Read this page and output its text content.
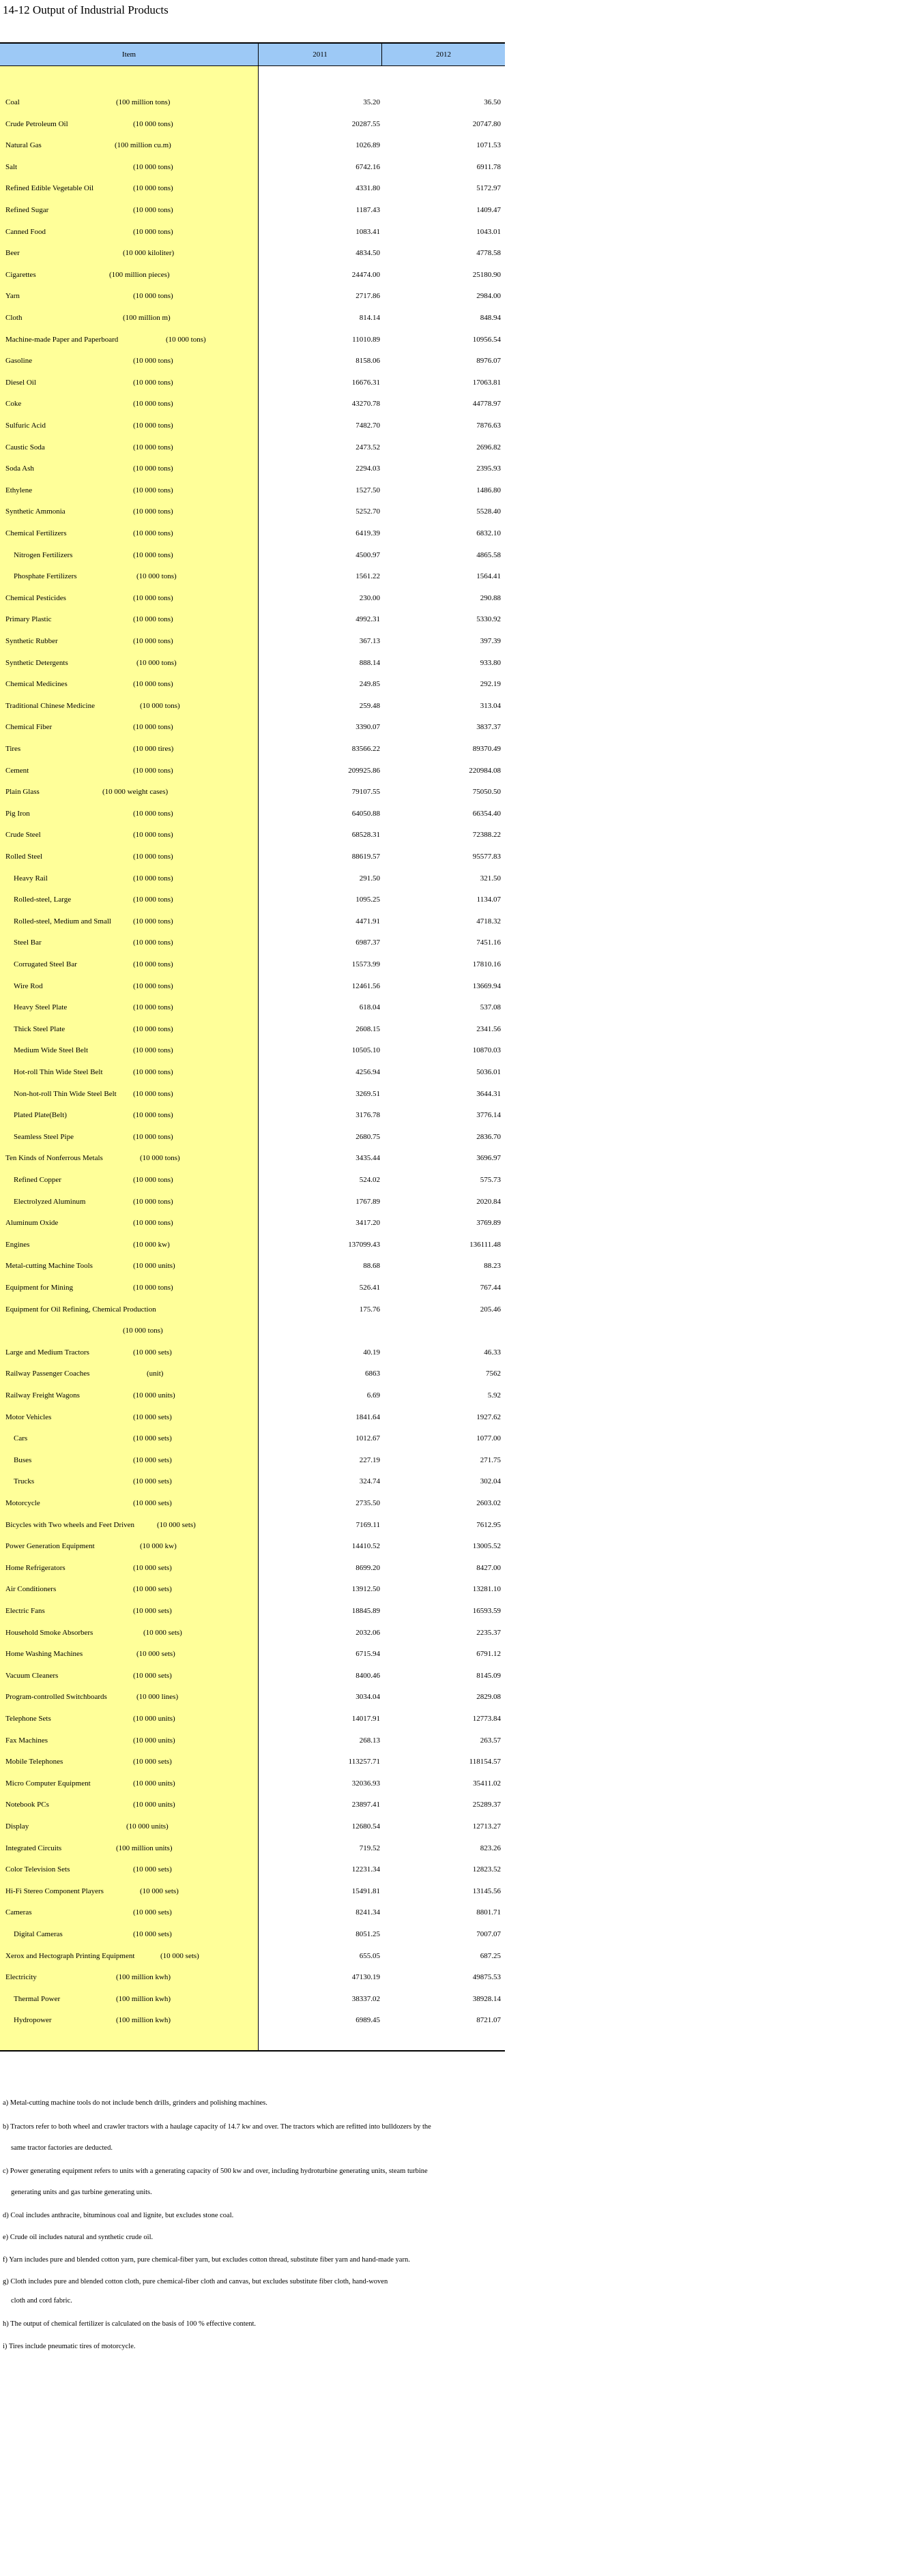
14-12 Output of Industrial Products
Item	2011	2012
Coal	(100 million tons)	35.20	36.50
Crude Petroleum Oil	(10 000 tons)	20287.55	20747.80
Natural Gas	(100 million cu.m)	1026.89	1071.53
Salt	(10 000 tons)	6742.16	6911.78
Refined Edible Vegetable Oil	(10 000 tons)	4331.80	5172.97
Refined Sugar	(10 000 tons)	1187.43	1409.47
Canned Food	(10 000 tons)	1083.41	1043.01
Beer	(10 000 kiloliter)	4834.50	4778.58
Cigarettes	(100 million pieces)	24474.00	25180.90
Yarn	(10 000 tons)	2717.86	2984.00
Cloth	(100 million m)	814.14	848.94
Machine-made Paper and Paperboard	(10 000 tons)	11010.89	10956.54
Gasoline	(10 000 tons)	8158.06	8976.07
Diesel Oil	(10 000 tons)	16676.31	17063.81
Coke	(10 000 tons)	43270.78	44778.97
Sulfuric Acid	(10 000 tons)	7482.70	7876.63
Caustic Soda	(10 000 tons)	2473.52	2696.82
Soda Ash	(10 000 tons)	2294.03	2395.93
Ethylene	(10 000 tons)	1527.50	1486.80
Synthetic Ammonia	(10 000 tons)	5252.70	5528.40
Chemical Fertilizers	(10 000 tons)	6419.39	6832.10
Nitrogen Fertilizers	(10 000 tons)	4500.97	4865.58
Phosphate Fertilizers	(10 000 tons)	1561.22	1564.41
Chemical Pesticides	(10 000 tons)	230.00	290.88
Primary Plastic	(10 000 tons)	4992.31	5330.92
Synthetic Rubber	(10 000 tons)	367.13	397.39
Synthetic Detergents	(10 000 tons)	888.14	933.80
Chemical Medicines	(10 000 tons)	249.85	292.19
Traditional Chinese Medicine	(10 000 tons)	259.48	313.04
Chemical Fiber	(10 000 tons)	3390.07	3837.37
Tires	(10 000 tires)	83566.22	89370.49
Cement	(10 000 tons)	209925.86	220984.08
Plain Glass	(10 000 weight cases)	79107.55	75050.50
Pig Iron	(10 000 tons)	64050.88	66354.40
Crude Steel	(10 000 tons)	68528.31	72388.22
Rolled Steel	(10 000 tons)	88619.57	95577.83
Heavy Rail	(10 000 tons)	291.50	321.50
Rolled-steel, Large	(10 000 tons)	1095.25	1134.07
Rolled-steel, Medium and Small	(10 000 tons)	4471.91	4718.32
Steel Bar	(10 000 tons)	6987.37	7451.16
Corrugated Steel Bar	(10 000 tons)	15573.99	17810.16
Wire Rod	(10 000 tons)	12461.56	13669.94
Heavy Steel Plate	(10 000 tons)	618.04	537.08
Thick Steel Plate	(10 000 tons)	2608.15	2341.56
Medium Wide Steel Belt	(10 000 tons)	10505.10	10870.03
Hot-roll Thin Wide Steel Belt	(10 000 tons)	4256.94	5036.01
Non-hot-roll Thin Wide Steel Belt (10 000 tons)	3269.51	3644.31
Plated Plate(Belt)	(10 000 tons)	3176.78	3776.14
Seamless Steel Pipe	(10 000 tons)	2680.75	2836.70
Ten Kinds of Nonferrous Metals	(10 000 tons)	3435.44	3696.97
Refined Copper	(10 000 tons)	524.02	575.73
Electrolyzed Aluminum	(10 000 tons)	1767.89	2020.84
Aluminum Oxide	(10 000 tons)	3417.20	3769.89
Engines	(10 000 kw)	137099.43	136111.48
Metal-cutting Machine Tools	(10 000 units)	88.68	88.23
Equipment for Mining	(10 000 tons)	526.41	767.44
Equipment for Oil Refining, Chemical Production	175.76	205.46
(10 000 tons)
Large and Medium Tractors	(10 000 sets)	40.19	46.33
Railway Passenger Coaches	(unit)	6863	7562
Railway Freight Wagons	(10 000 units)	6.69	5.92
Motor Vehicles	(10 000 sets)	1841.64	1927.62
Cars	(10 000 sets)	1012.67	1077.00
Buses	(10 000 sets)	227.19	271.75
Trucks	(10 000 sets)	324.74	302.04
Motorcycle	(10 000 sets)	2735.50	2603.02
Bicycles with Two wheels and Feet Driven	(10 000 sets)	7169.11	7612.95
Power Generation Equipment	(10 000 kw)	14410.52	13005.52
Home Refrigerators	(10 000 sets)	8699.20	8427.00
Air Conditioners	(10 000 sets)	13912.50	13281.10
Electric Fans	(10 000 sets)	18845.89	16593.59
Household Smoke Absorbers	(10 000 sets)	2032.06	2235.37
Home Washing Machines	(10 000 sets)	6715.94	6791.12
Vacuum Cleaners	(10 000 sets)	8400.46	8145.09
Program-controlled Switchboards	(10 000 lines)	3034.04	2829.08
Telephone Sets	(10 000 units)	14017.91	12773.84
Fax Machines	(10 000 units)	268.13	263.57
Mobile Telephones	(10 000 sets)	113257.71	118154.57
Micro Computer Equipment	(10 000 units)	32036.93	35411.02
Notebook PCs	(10 000 units)	23897.41	25289.37
Display	(10 000 units)	12680.54	12713.27
Integrated Circuits	(100 million units)	719.52	823.26
Color Television Sets	(10 000 sets)	12231.34	12823.52
Hi-Fi Stereo Component Players	(10 000 sets)	15491.81	13145.56
Cameras	(10 000 sets)	8241.34	8801.71
Digital Cameras	(10 000 sets)	8051.25	7007.07
Xerox and Hectograph Printing Equipment	(10 000 sets)	655.05	687.25
Electricity	(100 million kwh)	47130.19	49875.53
Thermal Power	(100 million kwh)	38337.02	38928.14
Hydropower	(100 million kwh)	6989.45	8721.07
a) Metal-cutting machine tools do not include bench drills, grinders and polishing machines.
b) Tractors refer to both wheel and crawler tractors with a haulage capacity of 14.7 kw and over. The tractors which are refitted into bulldozers by the
same tractor factories are deducted.
c) Power generating equipment refers to units with a generating capacity of 500 kw and over, including hydroturbine generating units, steam turbine
generating units and gas turbine generating units.
d) Coal includes anthracite, bituminous coal and lignite, but excludes stone coal.
e) Crude oil includes natural and synthetic crude oil.
f) Yarn includes pure and blended cotton yarn, pure chemical-fiber yarn, but excludes cotton thread, substitute fiber yarn and hand-made yarn.
g) Cloth includes pure and blended cotton cloth, pure chemical-fiber cloth and canvas, but excludes substitute fiber cloth, hand-woven
cloth and cord fabric.
h) The output of chemical fertilizer is calculated on the basis of 100 % effective content.
i) Tires include pneumatic tires of motorcycle.
